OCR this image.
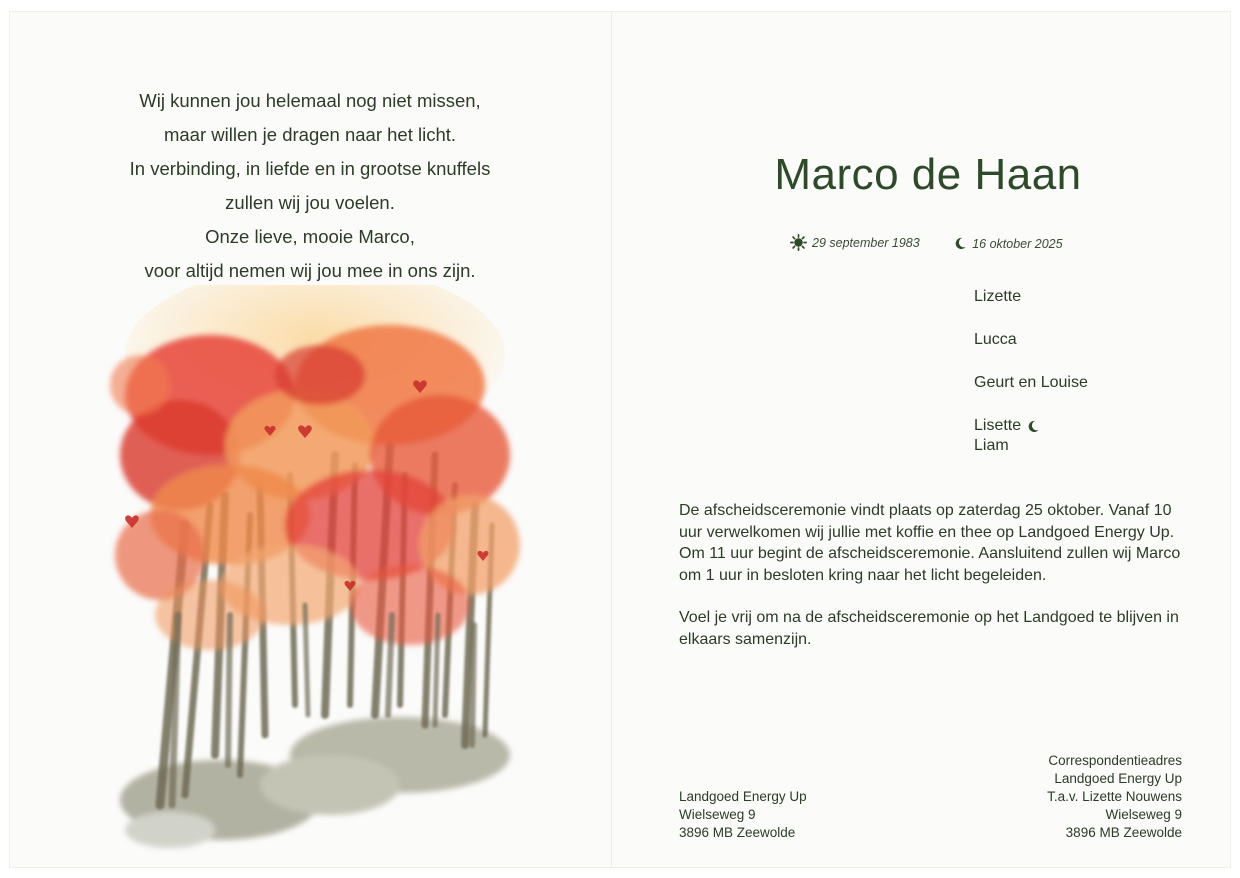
Wij kunnen jou helemaal nog niet missen,
maar willen je dragen naar het licht.
In verbinding, in liefde en in grootse knuffels
zullen wij jou voelen.
Onze lieve, mooie Marco,
voor altijd nemen wij jou mee in ons zijn.
Marco de Haan
29 september 1983
	16 oktober 2025
Lizette
Lucca
Geurt en Louise
Lisette
Liam

De afscheidsceremonie vindt plaats op zaterdag 25 oktober. Vanaf 10 uur verwelkomen wij jullie met koffie en thee op Landgoed Energy Up. Om 11 uur begint de afscheidsceremonie. Aansluitend zullen wij Marco om 1 uur in besloten kring naar het licht begeleiden.

Voel je vrij om na de afscheidsceremonie op het Landgoed te blijven in elkaars samenzijn.

Landgoed Energy Up
Wielseweg 9
3896 MB Zeewolde
Correspondentieadres
Landgoed Energy Up
T.a.v. Lizette Nouwens
Wielseweg 9
3896 MB Zeewolde
